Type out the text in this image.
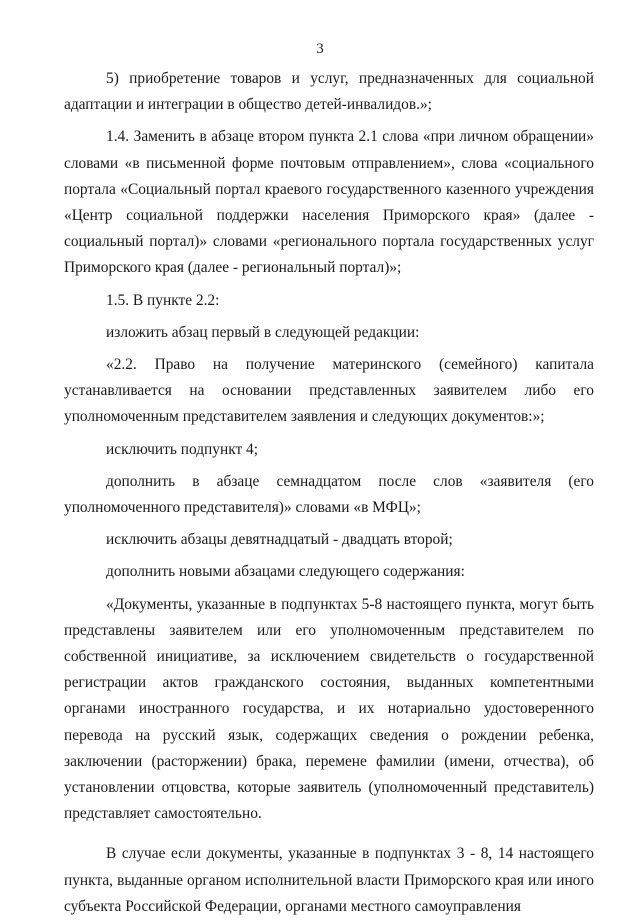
3

5) приобретение товаров и услуг, предназначенных для социальной адаптации и интеграции в общество детей-инвалидов.»;

1.4. Заменить в абзаце втором пункта 2.1 слова «при личном обращении» словами «в письменной форме почтовым отправлением», слова «социального портала «Социальный портал краевого государственного казенного учреждения «Центр социальной поддержки населения Приморского края» (далее - социальный портал)» словами «регионального портала государственных услуг Приморского края (далее - региональный портал)»;

1.5. В пункте 2.2:

изложить абзац первый в следующей редакции:

«2.2. Право на получение материнского (семейного) капитала устанавливается на основании представленных заявителем либо его уполномоченным представителем заявления и следующих документов:»;

исключить подпункт 4;

дополнить в абзаце семнадцатом после слов «заявителя (его уполномоченного представителя)» словами «в МФЦ»;

исключить абзацы девятнадцатый - двадцать второй;

дополнить новыми абзацами следующего содержания:

«Документы, указанные в подпунктах 5-8 настоящего пункта, могут быть представлены заявителем или его уполномоченным представителем по собственной инициативе, за исключением свидетельств о государственной регистрации актов гражданского состояния, выданных компетентными органами иностранного государства, и их нотариально удостоверенного перевода на русский язык, содержащих сведения о рождении ребенка, заключении (расторжении) брака, перемене фамилии (имени, отчества), об установлении отцовства, которые заявитель (уполномоченный представитель) представляет самостоятельно.

В случае если документы, указанные в подпунктах 3 - 8, 14 настоящего пункта, выданные органом исполнительной власти Приморского края или иного субъекта Российской Федерации, органами местного самоуправления
